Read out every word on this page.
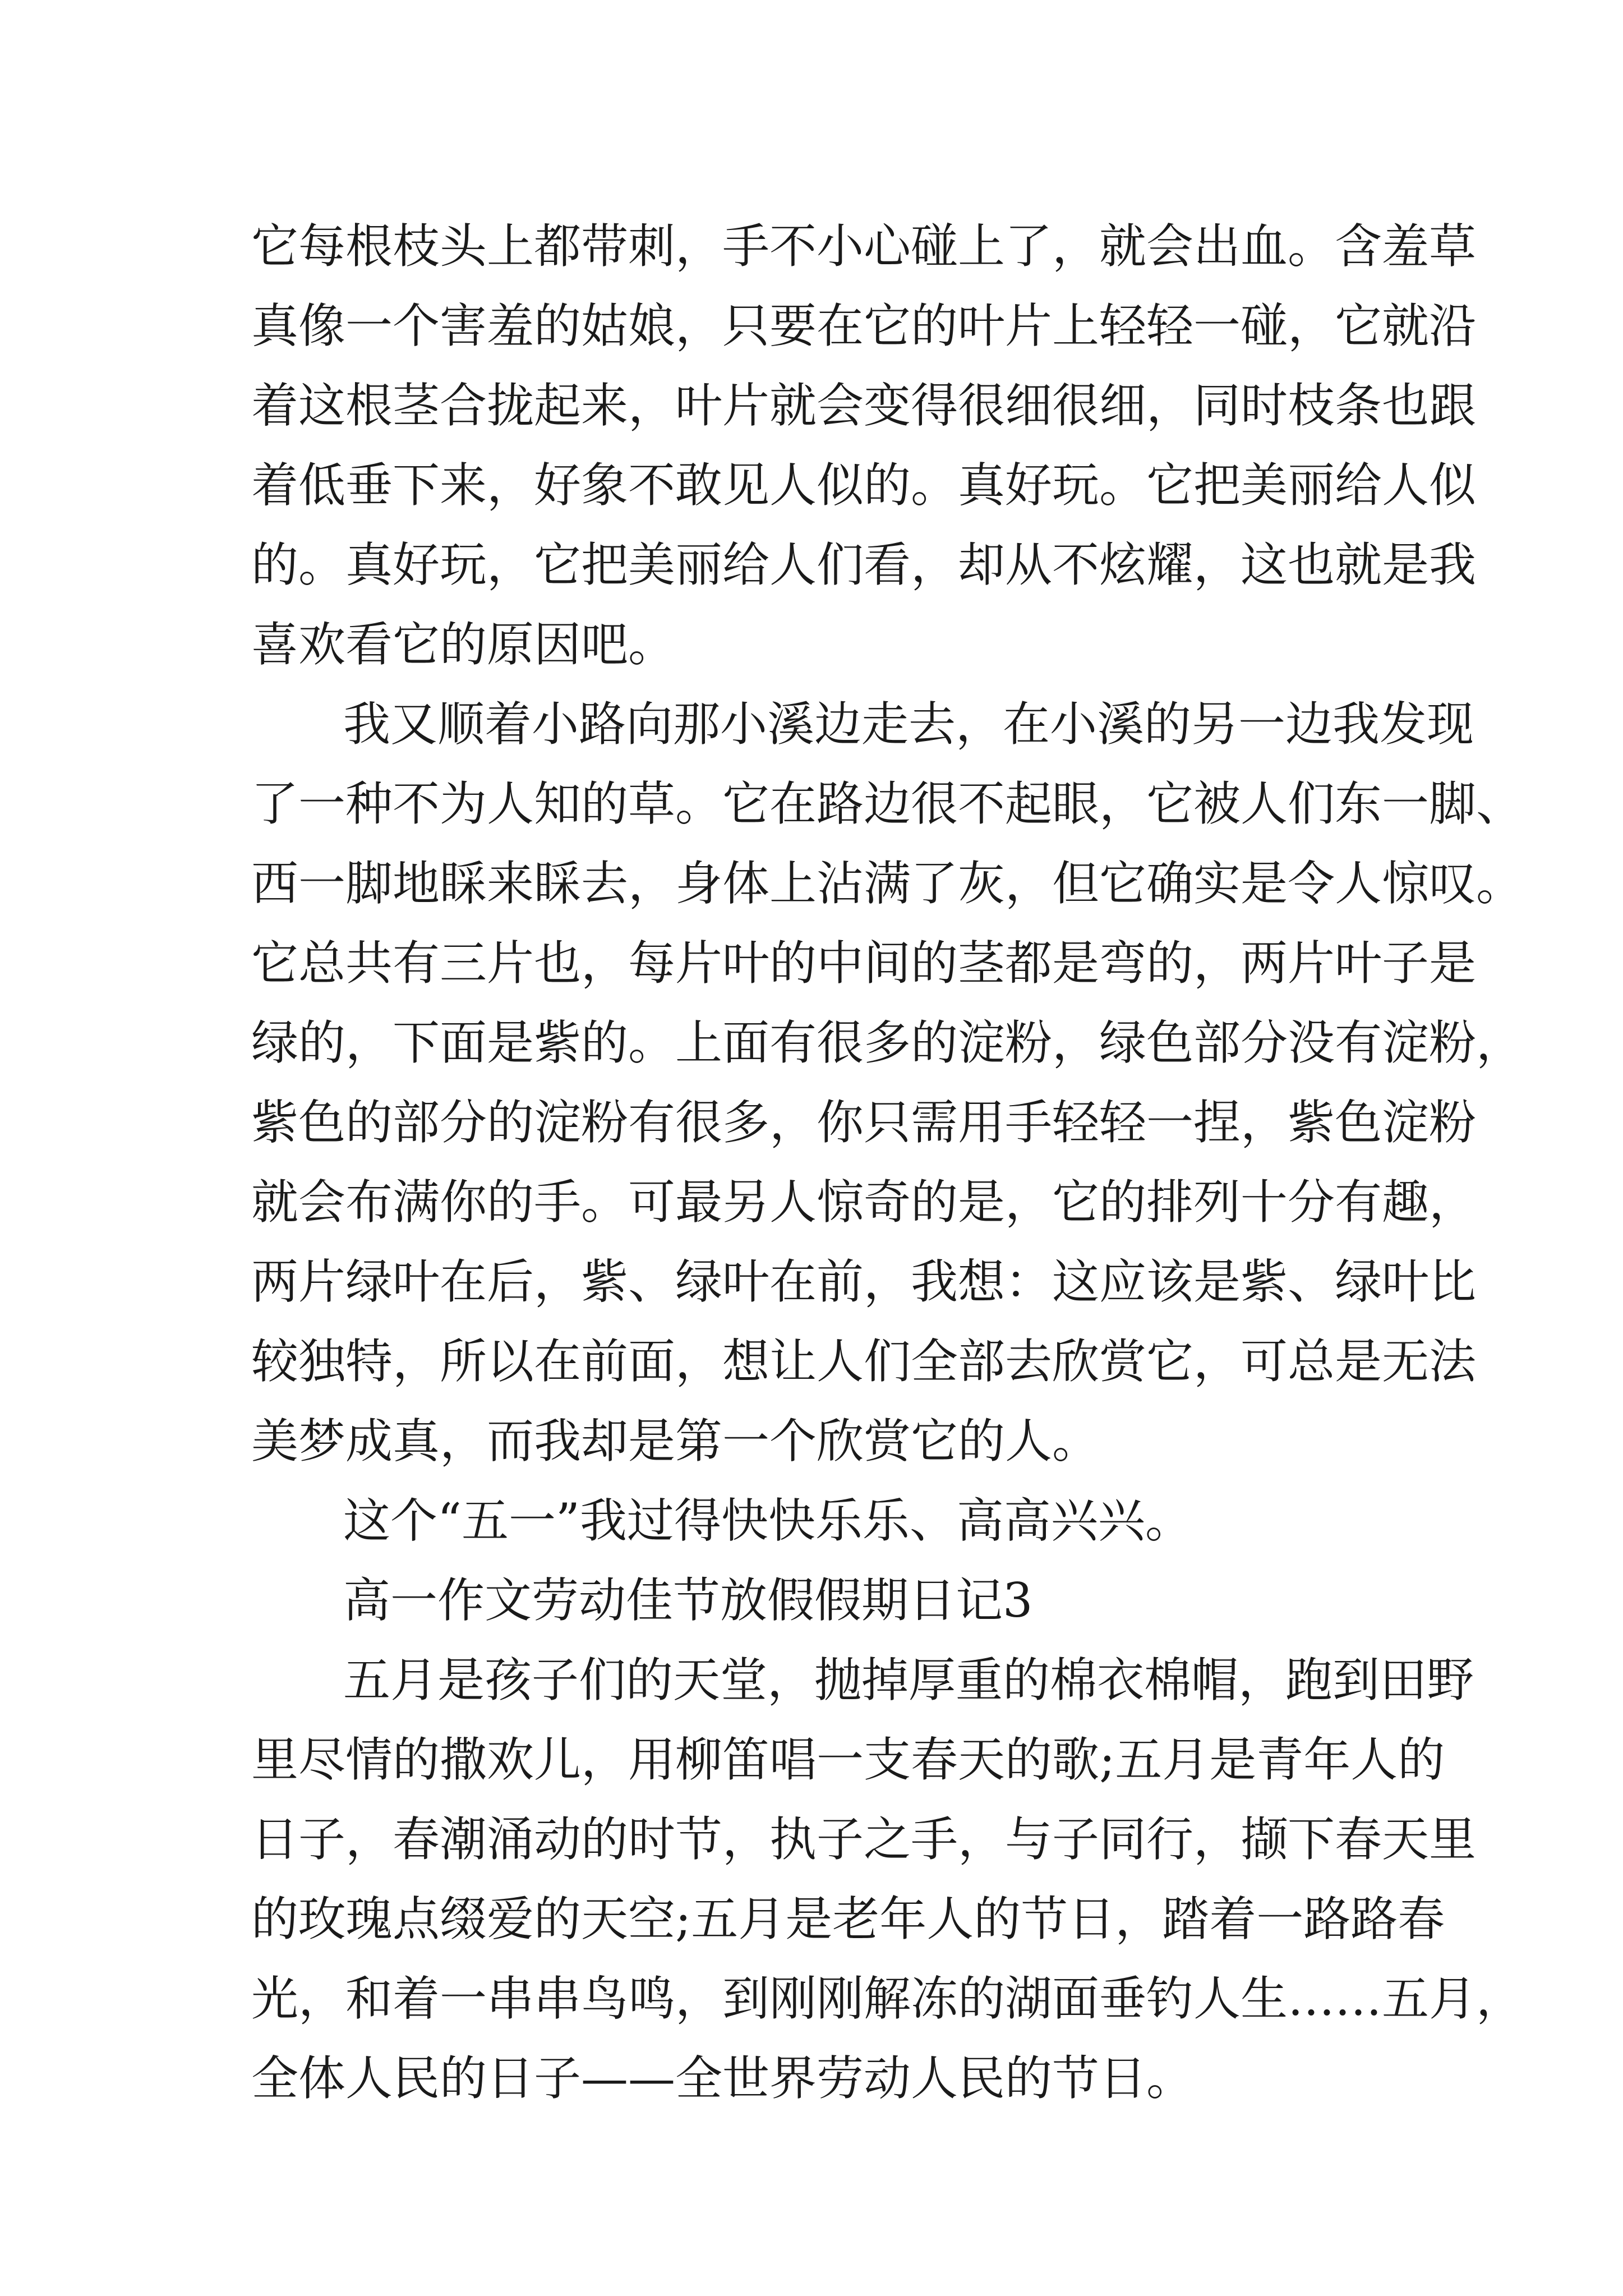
它每根枝头上都带刺，手不小心碰上了，就会出血。含羞草
真像一个害羞的姑娘，只要在它的叶片上轻轻一碰，它就沿
着这根茎合拢起来，叶片就会变得很细很细，同时枝条也跟
着低垂下来，好象不敢见人似的。真好玩。它把美丽给人似
的。真好玩，它把美丽给人们看，却从不炫耀，这也就是我
喜欢看它的原因吧。
我又顺着小路向那小溪边走去，在小溪的另一边我发现
了一种不为人知的草。它在路边很不起眼，它被人们东一脚、
西一脚地睬来睬去，身体上沾满了灰，但它确实是令人惊叹。
它总共有三片也，每片叶的中间的茎都是弯的，两片叶子是
绿的，下面是紫的。上面有很多的淀粉，绿色部分没有淀粉，
紫色的部分的淀粉有很多，你只需用手轻轻一捏，紫色淀粉
就会布满你的手。可最另人惊奇的是，它的排列十分有趣，
两片绿叶在后，紫、绿叶在前，我想：这应该是紫、绿叶比
较独特，所以在前面，想让人们全部去欣赏它，可总是无法
美梦成真，而我却是第一个欣赏它的人。
这个“五一”我过得快快乐乐、高高兴兴。
高一作文劳动佳节放假假期日记3
五月是孩子们的天堂，抛掉厚重的棉衣棉帽，跑到田野
里尽情的撒欢儿，用柳笛唱一支春天的歌;五月是青年人的
日子，春潮涌动的时节，执子之手，与子同行，撷下春天里
的玫瑰点缀爱的天空;五月是老年人的节日，踏着一路路春
光，和着一串串鸟鸣，到刚刚解冻的湖面垂钓人生……五月，
全体人民的日子——全世界劳动人民的节日。
